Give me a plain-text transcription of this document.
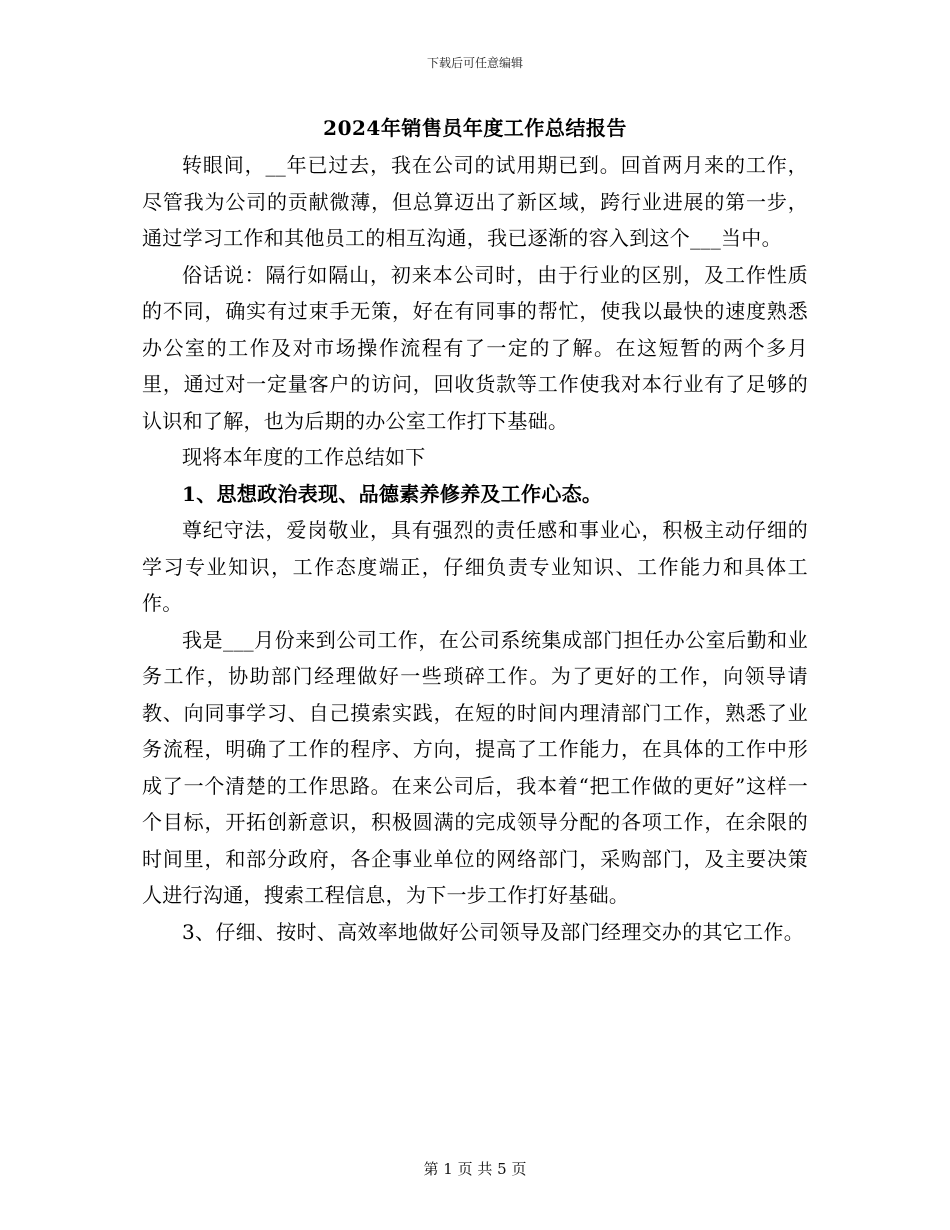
下载后可任意编辑
2024年销售员年度工作总结报告

转眼间，__年已过去，我在公司的试用期已到。回首两月来的工作，尽管我为公司的贡献微薄，但总算迈出了新区域，跨行业进展的第一步，通过学习工作和其他员工的相互沟通，我已逐渐的容入到这个___当中。

俗话说：隔行如隔山，初来本公司时，由于行业的区别，及工作性质的不同，确实有过束手无策，好在有同事的帮忙，使我以最快的速度熟悉办公室的工作及对市场操作流程有了一定的了解。在这短暂的两个多月里，通过对一定量客户的访问，回收货款等工作使我对本行业有了足够的认识和了解，也为后期的办公室工作打下基础。

现将本年度的工作总结如下

1、思想政治表现、品德素养修养及工作心态。

尊纪守法，爱岗敬业，具有强烈的责任感和事业心，积极主动仔细的学习专业知识，工作态度端正，仔细负责专业知识、工作能力和具体工作。

我是___月份来到公司工作，在公司系统集成部门担任办公室后勤和业务工作，协助部门经理做好一些琐碎工作。为了更好的工作，向领导请教、向同事学习、自己摸索实践，在短的时间内理清部门工作，熟悉了业务流程，明确了工作的程序、方向，提高了工作能力，在具体的工作中形成了一个清楚的工作思路。在来公司后，我本着“把工作做的更好”这样一个目标，开拓创新意识，积极圆满的完成领导分配的各项工作，在余限的时间里，和部分政府，各企事业单位的网络部门，采购部门，及主要决策人进行沟通，搜索工程信息，为下一步工作打好基础。

3、仔细、按时、高效率地做好公司领导及部门经理交办的其它工作。

第 1 页 共 5 页
